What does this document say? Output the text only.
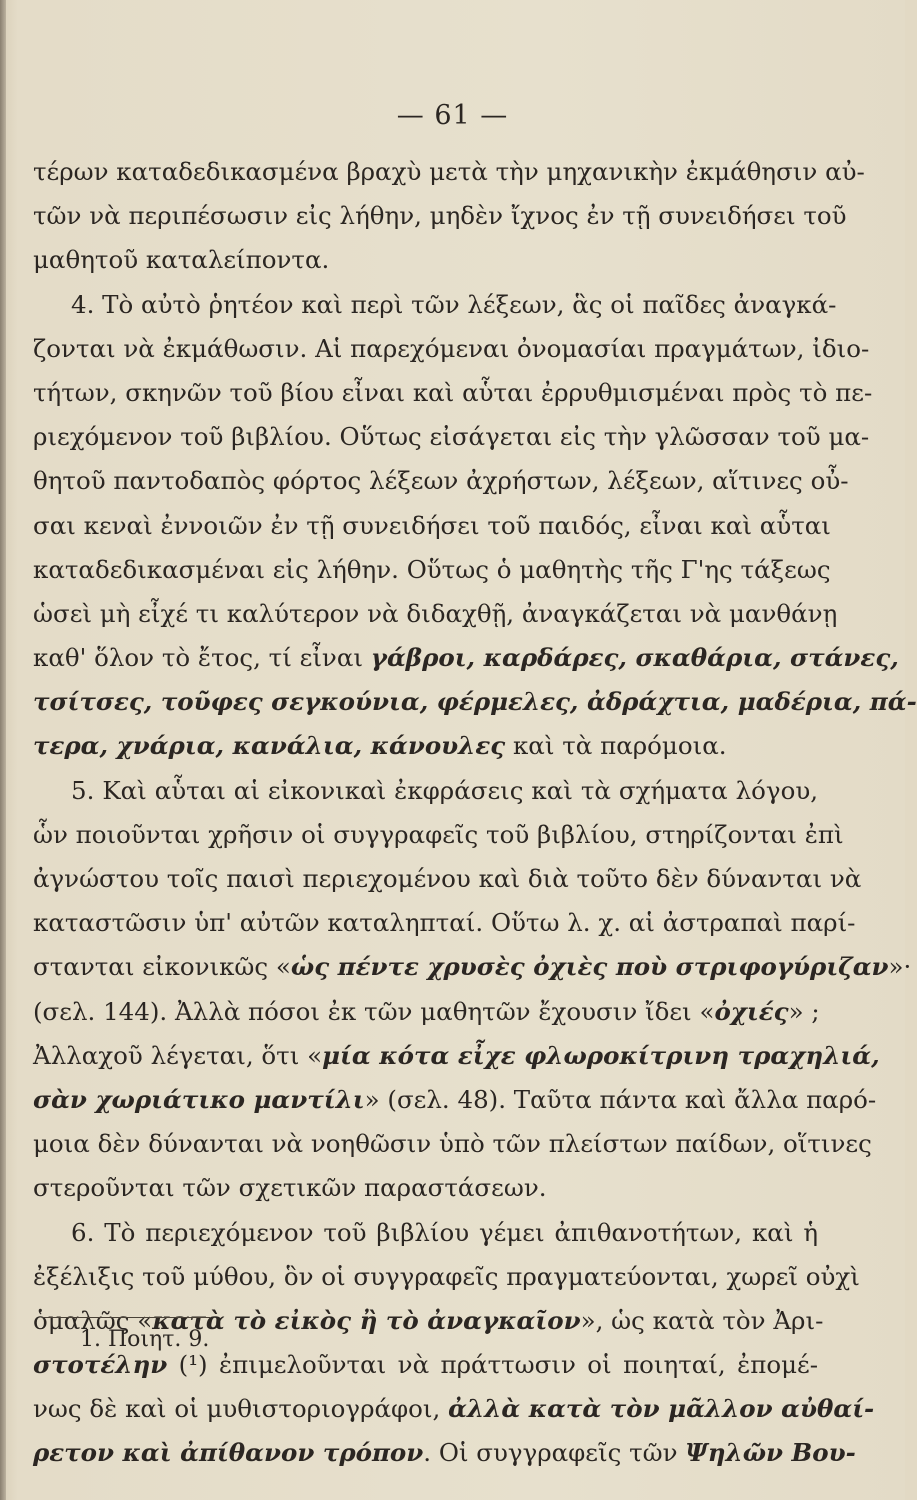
— 61 —
τέρων καταδεδικασμένα βραχὺ μετὰ τὴν μηχανικὴν ἐκμάθησιν αὐ-
τῶν νὰ περιπέσωσιν εἰς λήθην, μηδὲν ἴχνος ἐν τῇ συνειδήσει τοῦ
μαθητοῦ καταλείποντα.
4. Τὸ αὐτὸ ῥητέον καὶ περὶ τῶν λέξεων, ἃς οἱ παῖδες ἀναγκά-
ζονται νὰ ἐκμάθωσιν. Αἱ παρεχόμεναι ὀνομασίαι πραγμάτων, ἰδιο-
τήτων, σκηνῶν τοῦ βίου εἶναι καὶ αὗται ἐρρυθμισμέναι πρὸς τὸ πε-
ριεχόμενον τοῦ βιβλίου. Οὕτως εἰσάγεται εἰς τὴν γλῶσσαν τοῦ μα-
θητοῦ παντοδαπὸς φόρτος λέξεων ἀχρήστων, λέξεων, αἵτινες οὖ-
σαι κεναὶ ἐννοιῶν ἐν τῇ συνειδήσει τοῦ παιδός, εἶναι καὶ αὗται
καταδεδικασμέναι εἰς λήθην. Οὕτως ὁ μαθητὴς τῆς Γ'ης τάξεως
ὡσεὶ μὴ εἶχέ τι καλύτερον νὰ διδαχθῇ, ἀναγκάζεται νὰ μανθάνῃ
καθ' ὅλον τὸ ἔτος, τί εἶναι γάβροι, καρδάρες, σκαθάρια, στάνες,
τσίτσες, τοῦφες σεγκούνια, φέρμελες, ἀδράχτια, μαδέρια, πά-
τερα, χνάρια, κανάλια, κάνουλες καὶ τὰ παρόμοια.
5. Καὶ αὗται αἱ εἰκονικαὶ ἐκφράσεις καὶ τὰ σχήματα λόγου,
ὧν ποιοῦνται χρῆσιν οἱ συγγραφεῖς τοῦ βιβλίου, στηρίζονται ἐπὶ
ἀγνώστου τοῖς παισὶ περιεχομένου καὶ διὰ τοῦτο δὲν δύνανται νὰ
καταστῶσιν ὑπ' αὐτῶν καταληπταί. Οὕτω λ. χ. αἱ ἀστραπαὶ παρί-
στανται εἰκονικῶς «ὡς πέντε χρυσὲς ὀχιὲς ποὺ στριφογύριζαν»·
(σελ. 144). Ἀλλὰ πόσοι ἐκ τῶν μαθητῶν ἔχουσιν ἴδει «ὀχιές» ;
Ἀλλαχοῦ λέγεται, ὅτι «μία κότα εἶχε φλωροκίτρινη τραχηλιά,
σὰν χωριάτικο μαντίλι» (σελ. 48). Ταῦτα πάντα καὶ ἄλλα παρό-
μοια δὲν δύνανται νὰ νοηθῶσιν ὑπὸ τῶν πλείστων παίδων, οἵτινες
στεροῦνται τῶν σχετικῶν παραστάσεων.
6. Τὸ περιεχόμενον τοῦ βιβλίου γέμει ἀπιθανοτήτων, καὶ ἡ
ἐξέλιξις τοῦ μύθου, ὃν οἱ συγγραφεῖς πραγματεύονται, χωρεῖ οὐχὶ
ὁμαλῶς «κατὰ τὸ εἰκὸς ἢ τὸ ἀναγκαῖον», ὡς κατὰ τὸν Ἀρι-
στοτέλην (¹) ἐπιμελοῦνται νὰ πράττωσιν οἱ ποιηταί, ἐπομέ-
νως δὲ καὶ οἱ μυθιστοριογράφοι, ἀλλὰ κατὰ τὸν μᾶλλον αὐθαί-
ρετον καὶ ἀπίθανον τρόπον. Οἱ συγγραφεῖς τῶν Ψηλῶν Βου-
1. Ποιητ. 9.
